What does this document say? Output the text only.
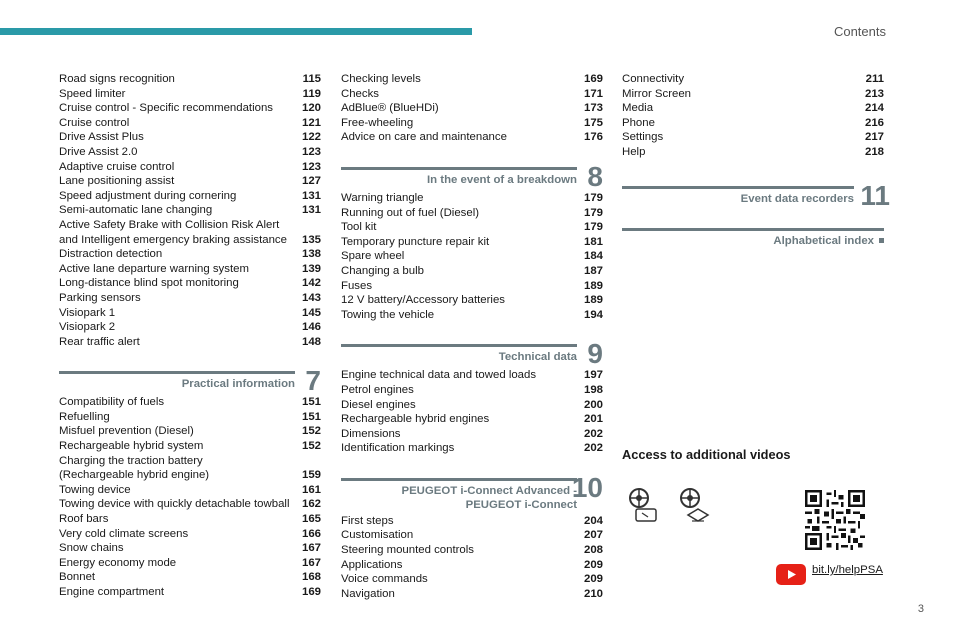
Contents
Road signs recognition	115
Speed limiter	119
Cruise control - Specific recommendations	120
Cruise control	121
Drive Assist Plus	122
Drive Assist 2.0	123
Adaptive cruise control	123
Lane positioning assist	127
Speed adjustment during cornering	131
Semi-automatic lane changing	131
Active Safety Brake with Collision Risk Alert
and Intelligent emergency braking assistance	135
Distraction detection	138
Active lane departure warning system	139
Long-distance blind spot monitoring	142
Parking sensors	143
Visiopark 1	145
Visiopark 2	146
Rear traffic alert	148
Practical information 7
Compatibility of fuels	151
Refuelling	151
Misfuel prevention (Diesel)	152
Rechargeable hybrid system	152
Charging the traction battery
(Rechargeable hybrid engine)	159
Towing device	161
Towing device with quickly detachable towball	162
Roof bars	165
Very cold climate screens	166
Snow chains	167
Energy economy mode	167
Bonnet	168
Engine compartment	169
Checking levels	169
Checks	171
AdBlue® (BlueHDi)	173
Free-wheeling	175
Advice on care and maintenance	176
In the event of a breakdown 8
Warning triangle	179
Running out of fuel (Diesel)	179
Tool kit	179
Temporary puncture repair kit	181
Spare wheel	184
Changing a bulb	187
Fuses	189
12 V battery/Accessory batteries	189
Towing the vehicle	194
Technical data 9
Engine technical data and towed loads	197
Petrol engines	198
Diesel engines	200
Rechargeable hybrid engines	201
Dimensions	202
Identification markings	202
PEUGEOT i-Connect Advanced -
PEUGEOT i-Connect
10
First steps	204
Customisation	207
Steering mounted controls	208
Applications	209
Voice commands	209
Navigation	210
Connectivity	211
Mirror Screen	213
Media	214
Phone	216
Settings	217
Help	218
Event data recorders 11
Alphabetical index
Access to additional videos
bit.ly/helpPSA
3
